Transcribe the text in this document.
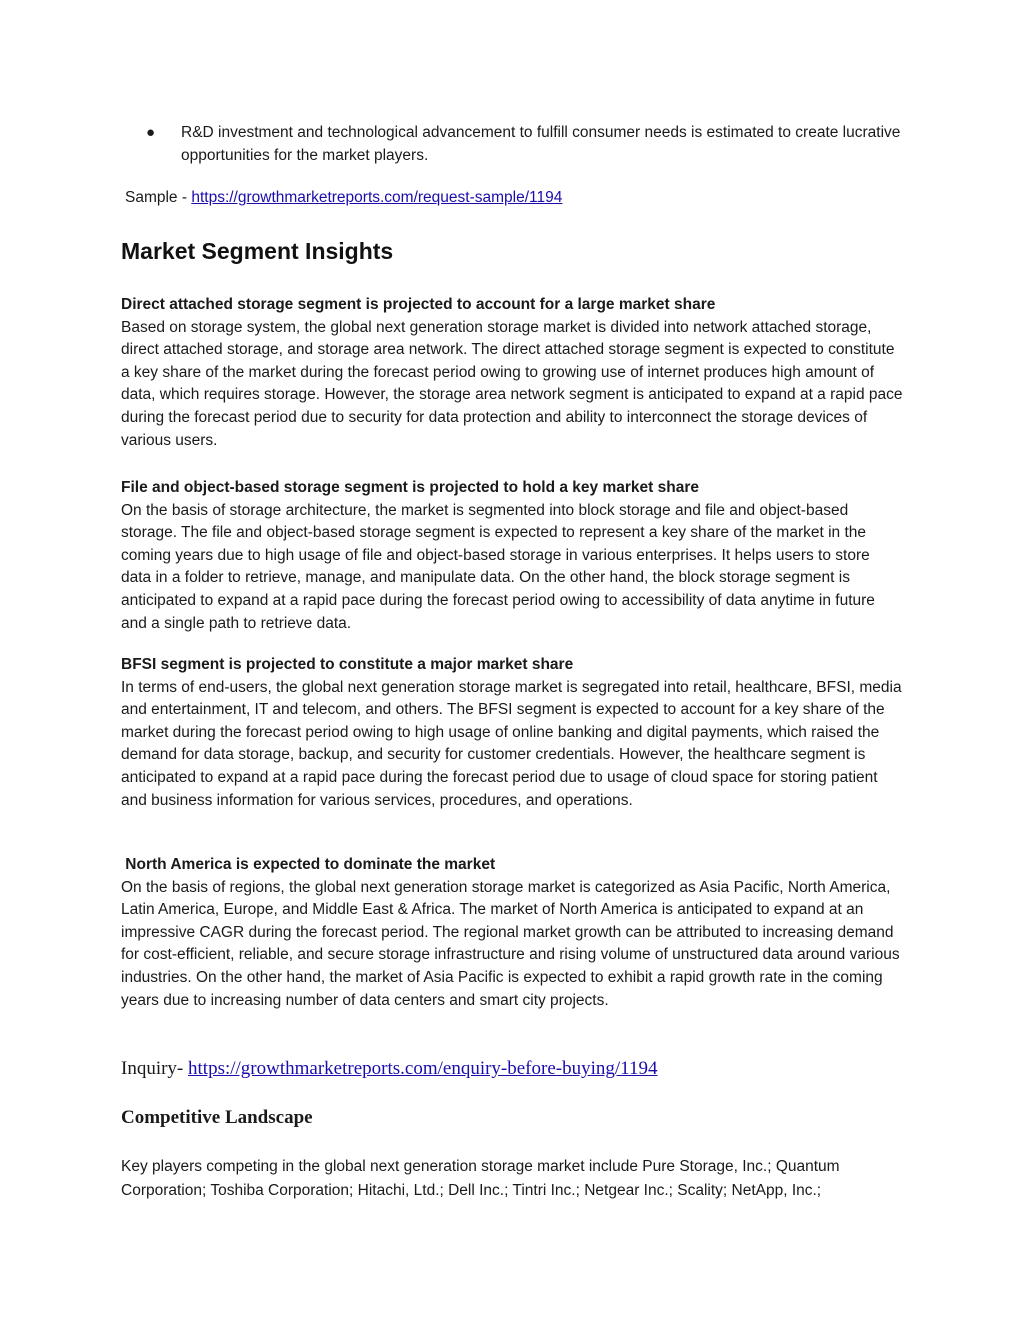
● R&D investment and technological advancement to fulfill consumer needs is estimated to create lucrative opportunities for the market players.
Sample - https://growthmarketreports.com/request-sample/1194
Market Segment Insights
Direct attached storage segment is projected to account for a large market share
Based on storage system, the global next generation storage market is divided into network attached storage, direct attached storage, and storage area network. The direct attached storage segment is expected to constitute a key share of the market during the forecast period owing to growing use of internet produces high amount of data, which requires storage. However, the storage area network segment is anticipated to expand at a rapid pace during the forecast period due to security for data protection and ability to interconnect the storage devices of various users.
File and object-based storage segment is projected to hold a key market share
On the basis of storage architecture, the market is segmented into block storage and file and object-based storage. The file and object-based storage segment is expected to represent a key share of the market in the coming years due to high usage of file and object-based storage in various enterprises. It helps users to store data in a folder to retrieve, manage, and manipulate data. On the other hand, the block storage segment is anticipated to expand at a rapid pace during the forecast period owing to accessibility of data anytime in future and a single path to retrieve data.
BFSI segment is projected to constitute a major market share
In terms of end-users, the global next generation storage market is segregated into retail, healthcare, BFSI, media and entertainment, IT and telecom, and others. The BFSI segment is expected to account for a key share of the market during the forecast period owing to high usage of online banking and digital payments, which raised the demand for data storage, backup, and security for customer credentials. However, the healthcare segment is anticipated to expand at a rapid pace during the forecast period due to usage of cloud space for storing patient and business information for various services, procedures, and operations.
North America is expected to dominate the market
On the basis of regions, the global next generation storage market is categorized as Asia Pacific, North America, Latin America, Europe, and Middle East & Africa. The market of North America is anticipated to expand at an impressive CAGR during the forecast period. The regional market growth can be attributed to increasing demand for cost-efficient, reliable, and secure storage infrastructure and rising volume of unstructured data around various industries. On the other hand, the market of Asia Pacific is expected to exhibit a rapid growth rate in the coming years due to increasing number of data centers and smart city projects.
Inquiry- https://growthmarketreports.com/enquiry-before-buying/1194
Competitive Landscape
Key players competing in the global next generation storage market include Pure Storage, Inc.; Quantum Corporation; Toshiba Corporation; Hitachi, Ltd.; Dell Inc.; Tintri Inc.; Netgear Inc.; Scality; NetApp, Inc.;
